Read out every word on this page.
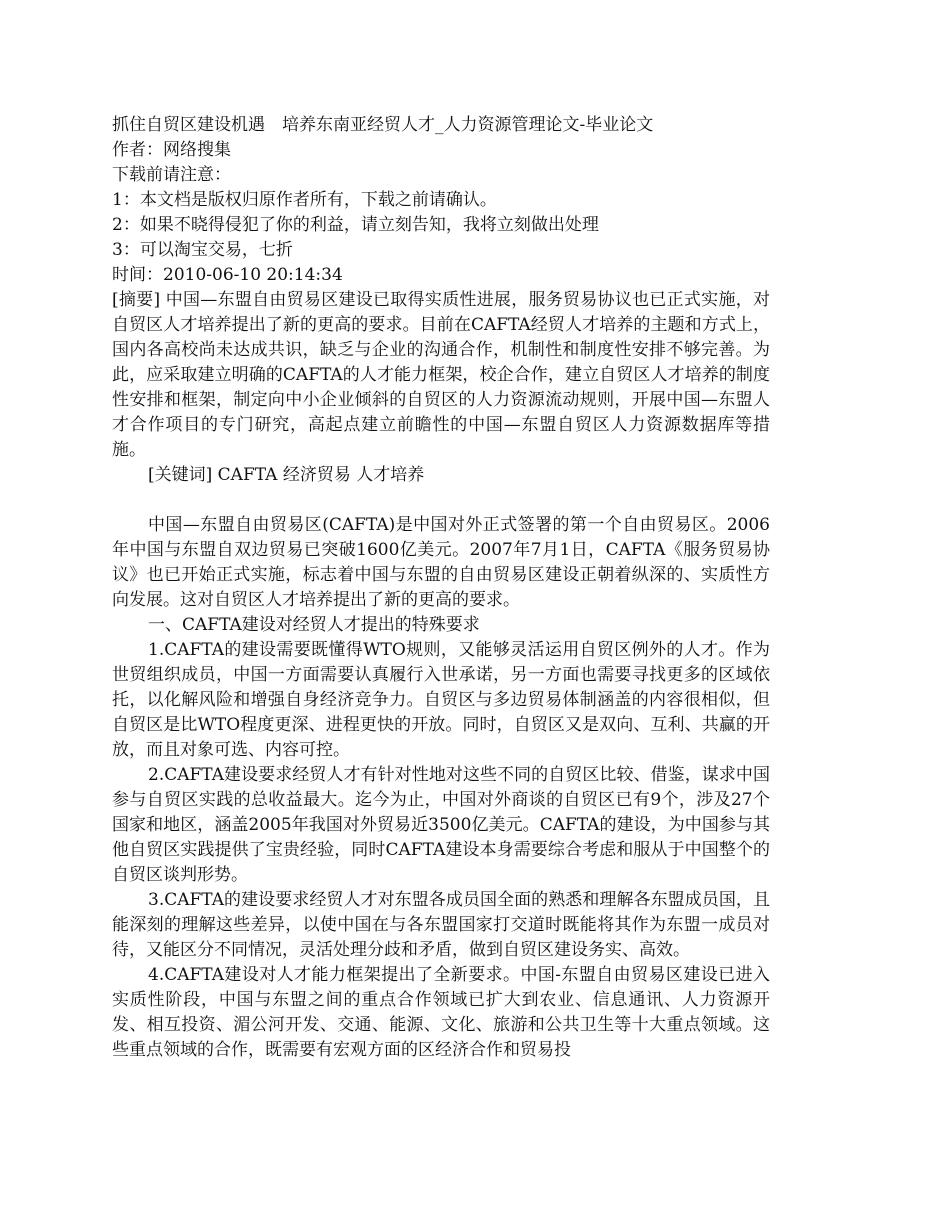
抓住自贸区建设机遇　培养东南亚经贸人才_人力资源管理论文-毕业论文

作者：网络搜集

下载前请注意：

1：本文档是版权归原作者所有，下载之前请确认。

2：如果不晓得侵犯了你的利益，请立刻告知，我将立刻做出处理

3：可以淘宝交易，七折

时间：2010-06-10 20:14:34

[摘要] 中国—东盟自由贸易区建设已取得实质性进展，服务贸易协议也已正式实施，对自贸区人才培养提出了新的更高的要求。目前在CAFTA经贸人才培养的主题和方式上，国内各高校尚未达成共识，缺乏与企业的沟通合作，机制性和制度性安排不够完善。为此，应采取建立明确的CAFTA的人才能力框架，校企合作，建立自贸区人才培养的制度性安排和框架，制定向中小企业倾斜的自贸区的人力资源流动规则，开展中国—东盟人才合作项目的专门研究，高起点建立前瞻性的中国—东盟自贸区人力资源数据库等措施。

[关键词] CAFTA 经济贸易 人才培养

中国—东盟自由贸易区(CAFTA)是中国对外正式签署的第一个自由贸易区。2006年中国与东盟自双边贸易已突破1600亿美元。2007年7月1日，CAFTA《服务贸易协议》也已开始正式实施，标志着中国与东盟的自由贸易区建设正朝着纵深的、实质性方向发展。这对自贸区人才培养提出了新的更高的要求。

一、CAFTA建设对经贸人才提出的特殊要求

1.CAFTA的建设需要既懂得WTO规则，又能够灵活运用自贸区例外的人才。作为世贸组织成员，中国一方面需要认真履行入世承诺，另一方面也需要寻找更多的区域依托，以化解风险和增强自身经济竞争力。自贸区与多边贸易体制涵盖的内容很相似，但自贸区是比WTO程度更深、进程更快的开放。同时，自贸区又是双向、互利、共赢的开放，而且对象可选、内容可控。

2.CAFTA建设要求经贸人才有针对性地对这些不同的自贸区比较、借鉴，谋求中国参与自贸区实践的总收益最大。迄今为止，中国对外商谈的自贸区已有9个，涉及27个国家和地区，涵盖2005年我国对外贸易近3500亿美元。CAFTA的建设，为中国参与其他自贸区实践提供了宝贵经验，同时CAFTA建设本身需要综合考虑和服从于中国整个的自贸区谈判形势。

3.CAFTA的建设要求经贸人才对东盟各成员国全面的熟悉和理解各东盟成员国，且能深刻的理解这些差异，以使中国在与各东盟国家打交道时既能将其作为东盟一成员对待，又能区分不同情况，灵活处理分歧和矛盾，做到自贸区建设务实、高效。

4.CAFTA建设对人才能力框架提出了全新要求。中国-东盟自由贸易区建设已进入实质性阶段，中国与东盟之间的重点合作领域已扩大到农业、信息通讯、人力资源开发、相互投资、湄公河开发、交通、能源、文化、旅游和公共卫生等十大重点领域。这些重点领域的合作，既需要有宏观方面的区经济合作和贸易投
